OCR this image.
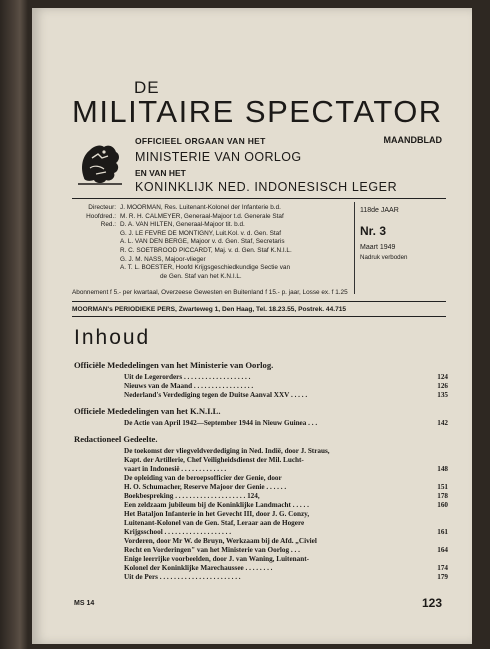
DE
MILITAIRE SPECTATOR
OFFICIEEL ORGAAN VAN HET	MAANDBLAD
MINISTERIE VAN OORLOG
EN VAN HET
KONINKLIJK NED. INDONESISCH LEGER
Directeur: J. MOORMAN, Res. Luitenant-Kolonel der Infanterie b.d.
Hoofdred.: M. R. H. CALMEYER, Generaal-Majoor t.d. Generale Staf
Red.: D. A. VAN HILTEN, Generaal-Majoor tit. b.d.
G. J. LE FEVRE DE MONTIGNY, Luit.Kol. v. d. Gen. Staf
A. L. VAN DEN BERGE, Majoor v. d. Gen. Staf, Secretaris
R. C. SOETBROOD PICCARDT, Maj. v. d. Gen. Staf K.N.I.L.
G. J. M. NASS, Majoor-vlieger
A. T. L. BOESTER, Hoofd Krijgsgeschiedkundige Sectie van
de Gen. Staf van het K.N.I.L.
118de JAAR
Nr. 3
Maart 1949
Nadruk verboden
Abonnement f 5.- per kwartaal, Overzeese Gewesten en Buitenland f 15.- p. jaar, Losse ex. f 1.25
MOORMAN's PERIODIEKE PERS, Zwarteweg 1, Den Haag, Tel. 18.23.55, Postrek. 44.715
Inhoud
Officiële Mededelingen van het Ministerie van Oorlog.
Uit de Legerorders . . . . . . . . . . . . . . . . . . .	124
Nieuws van de Maand . . . . . . . . . . . . . . . . .	126
Nederland's Verdediging tegen de Duitse Aanval XXV . . . . .	135
Officiele Mededelingen van het K.N.I.L.
De Actie van April 1942—September 1944 in Nieuw Guinea . . .	142
Redactioneel Gedeelte.
De toekomst der vliegveldverdediging in Ned. Indië, door J. Straus,
Kapt. der Artillerie, Chef Veiligheidsdienst der Mil. Lucht-
vaart in Indonesië . . . . . . . . . . . . .	148
De opleiding van de beroepsofficier der Genie, door
H. O. Schumacher, Reserve Majoor der Genie . . . . . .	151
Boekbespreking . . . . . . . . . . . . . . . . . . . . 124,	178
Een zeldzaam jubileum bij de Koninklijke Landmacht . . . . .	160
Het Bataljon Infanterie in het Gevecht III, door J. G. Conzy,
Luitenant-Kolonel van de Gen. Staf, Leraar aan de Hogere
Krijgsschool . . . . . . . . . . . . . . . . . . .	161
Vorderen, door Mr W. de Bruyn, Werkzaam bij de Afd. „Civiel
Recht en Vorderingen" van het Ministerie van Oorlog . . .	164
Enige leerrijke voorbeelden, door J. van Waning, Luitenant-
Kolonel der Koninklijke Marechaussee . . . . . . . .	174
Uit de Pers . . . . . . . . . . . . . . . . . . . . . . .	179
MS 14	123
